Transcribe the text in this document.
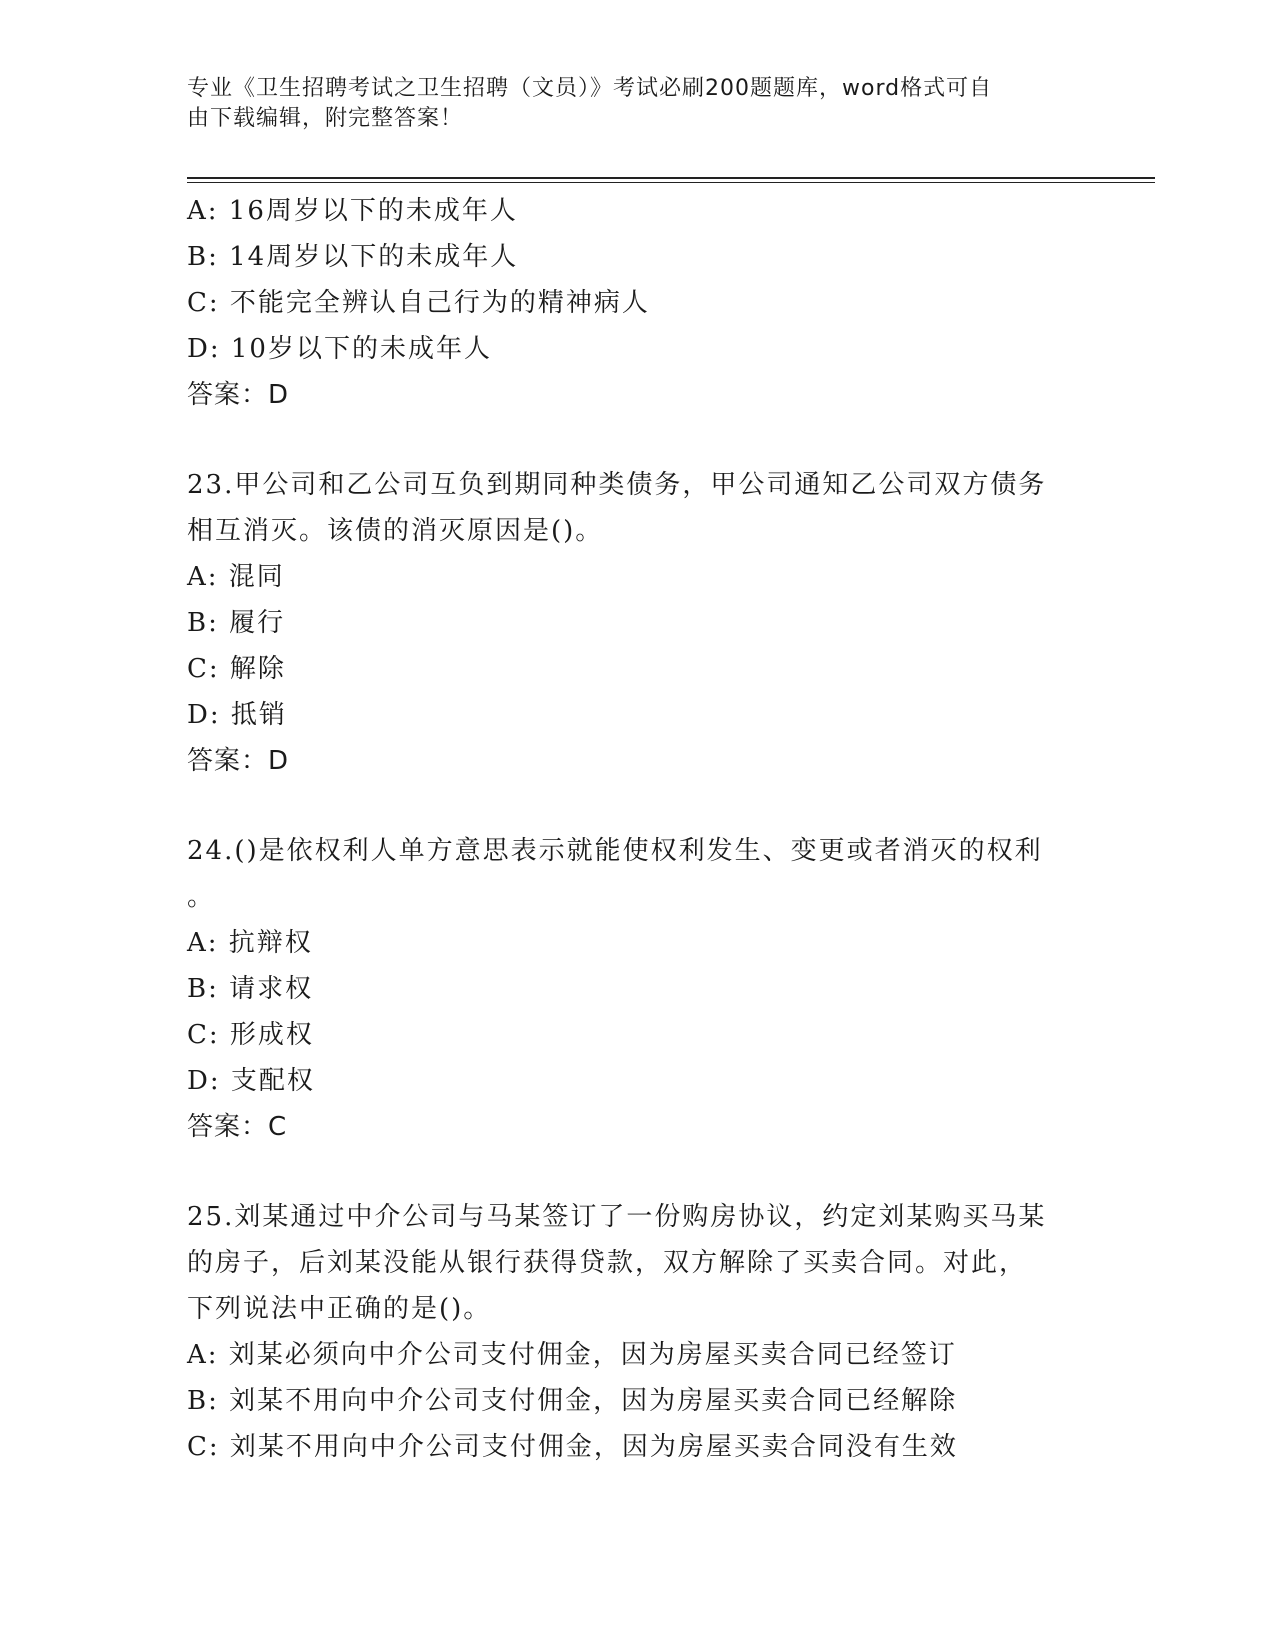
专业《卫生招聘考试之卫生招聘（文员）》考试必刷200题题库，word格式可自
由下载编辑，附完整答案！
A: 16周岁以下的未成年人
B: 14周岁以下的未成年人
C: 不能完全辨认自己行为的精神病人
D: 10岁以下的未成年人
答案：D
23.甲公司和乙公司互负到期同种类债务，甲公司通知乙公司双方债务
相互消灭。该债的消灭原因是()。
A: 混同
B: 履行
C: 解除
D: 抵销
答案：D
24.()是依权利人单方意思表示就能使权利发生、变更或者消灭的权利
。
A: 抗辩权
B: 请求权
C: 形成权
D: 支配权
答案：C
25.刘某通过中介公司与马某签订了一份购房协议，约定刘某购买马某
的房子，后刘某没能从银行获得贷款，双方解除了买卖合同。对此，
下列说法中正确的是()。
A: 刘某必须向中介公司支付佣金，因为房屋买卖合同已经签订
B: 刘某不用向中介公司支付佣金，因为房屋买卖合同已经解除
C: 刘某不用向中介公司支付佣金，因为房屋买卖合同没有生效
